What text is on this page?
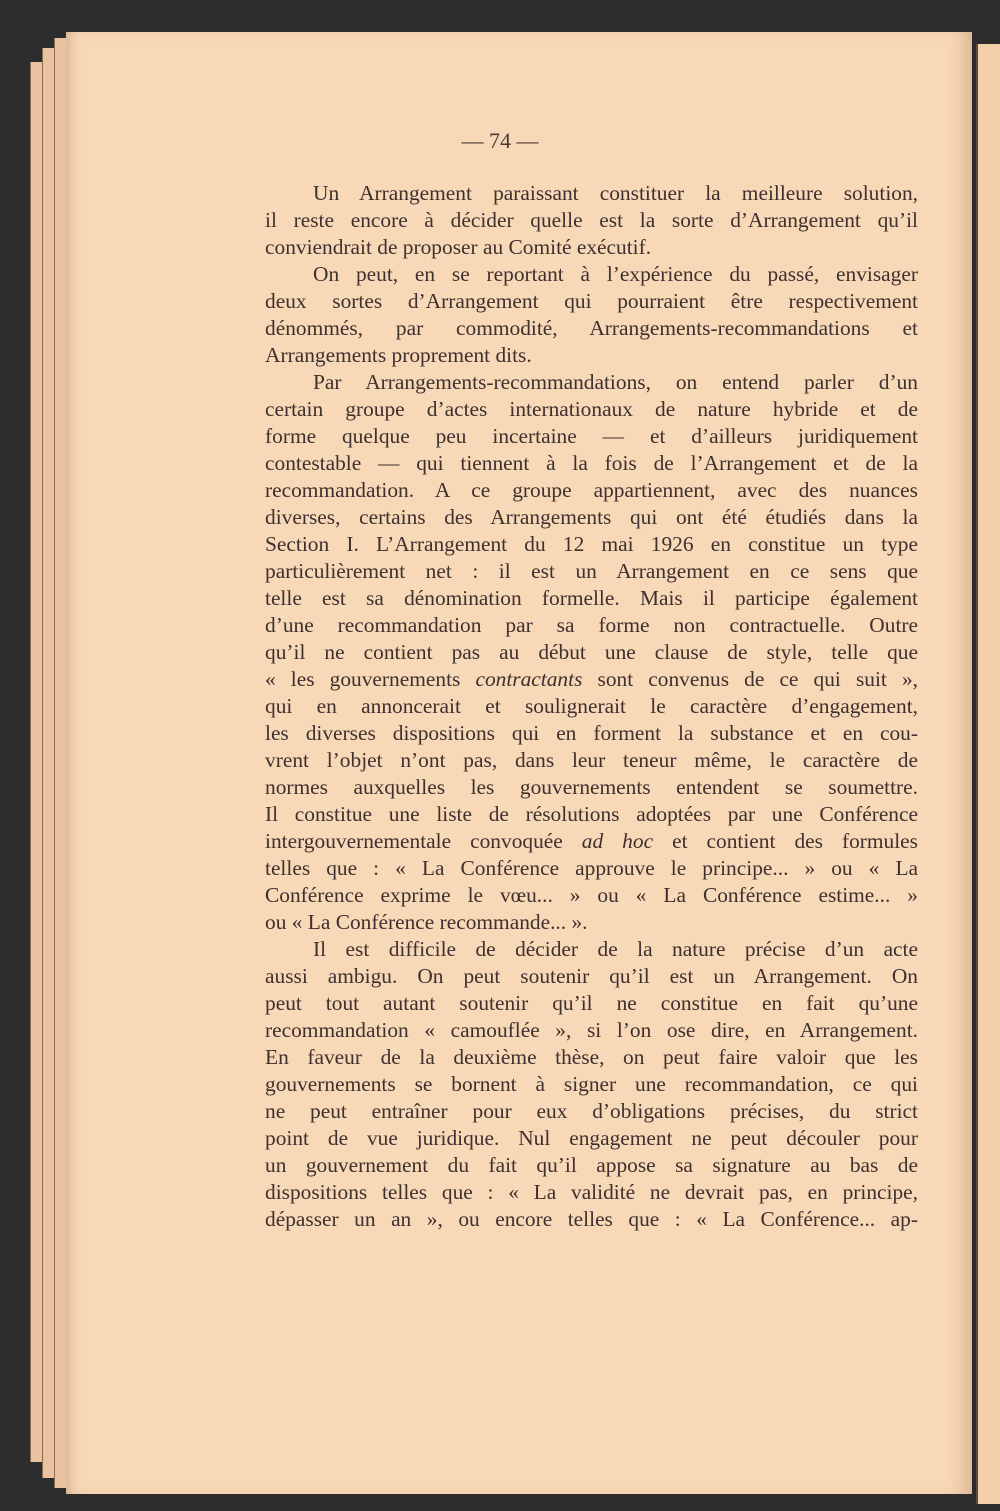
— 74 —
Un Arrangement paraissant constituer la meilleure solution,
il reste encore à décider quelle est la sorte d’Arrangement qu’il
conviendrait de proposer au Comité exécutif.
On peut, en se reportant à l’expérience du passé, envisager
deux sortes d’Arrangement qui pourraient être respectivement
dénommés, par commodité, Arrangements-recommandations et
Arrangements proprement dits.
Par Arrangements-recommandations, on entend parler d’un
certain groupe d’actes internationaux de nature hybride et de
forme quelque peu incertaine — et d’ailleurs juridiquement
contestable — qui tiennent à la fois de l’Arrangement et de la
recommandation. A ce groupe appartiennent, avec des nuances
diverses, certains des Arrangements qui ont été étudiés dans la
Section I. L’Arrangement du 12 mai 1926 en constitue un type
particulièrement net : il est un Arrangement en ce sens que
telle est sa dénomination formelle. Mais il participe également
d’une recommandation par sa forme non contractuelle. Outre
qu’il ne contient pas au début une clause de style, telle que
« les gouvernements contractants sont convenus de ce qui suit »,
qui en annoncerait et soulignerait le caractère d’engagement,
les diverses dispositions qui en forment la substance et en cou-
vrent l’objet n’ont pas, dans leur teneur même, le caractère de
normes auxquelles les gouvernements entendent se soumettre.
Il constitue une liste de résolutions adoptées par une Conférence
intergouvernementale convoquée ad hoc et contient des formules
telles que : « La Conférence approuve le principe... » ou « La
Conférence exprime le vœu... » ou « La Conférence estime... »
ou « La Conférence recommande... ».
Il est difficile de décider de la nature précise d’un acte
aussi ambigu. On peut soutenir qu’il est un Arrangement. On
peut tout autant soutenir qu’il ne constitue en fait qu’une
recommandation « camouflée », si l’on ose dire, en Arrangement.
En faveur de la deuxième thèse, on peut faire valoir que les
gouvernements se bornent à signer une recommandation, ce qui
ne peut entraîner pour eux d’obligations précises, du strict
point de vue juridique. Nul engagement ne peut découler pour
un gouvernement du fait qu’il appose sa signature au bas de
dispositions telles que : « La validité ne devrait pas, en principe,
dépasser un an », ou encore telles que : « La Conférence... ap-
